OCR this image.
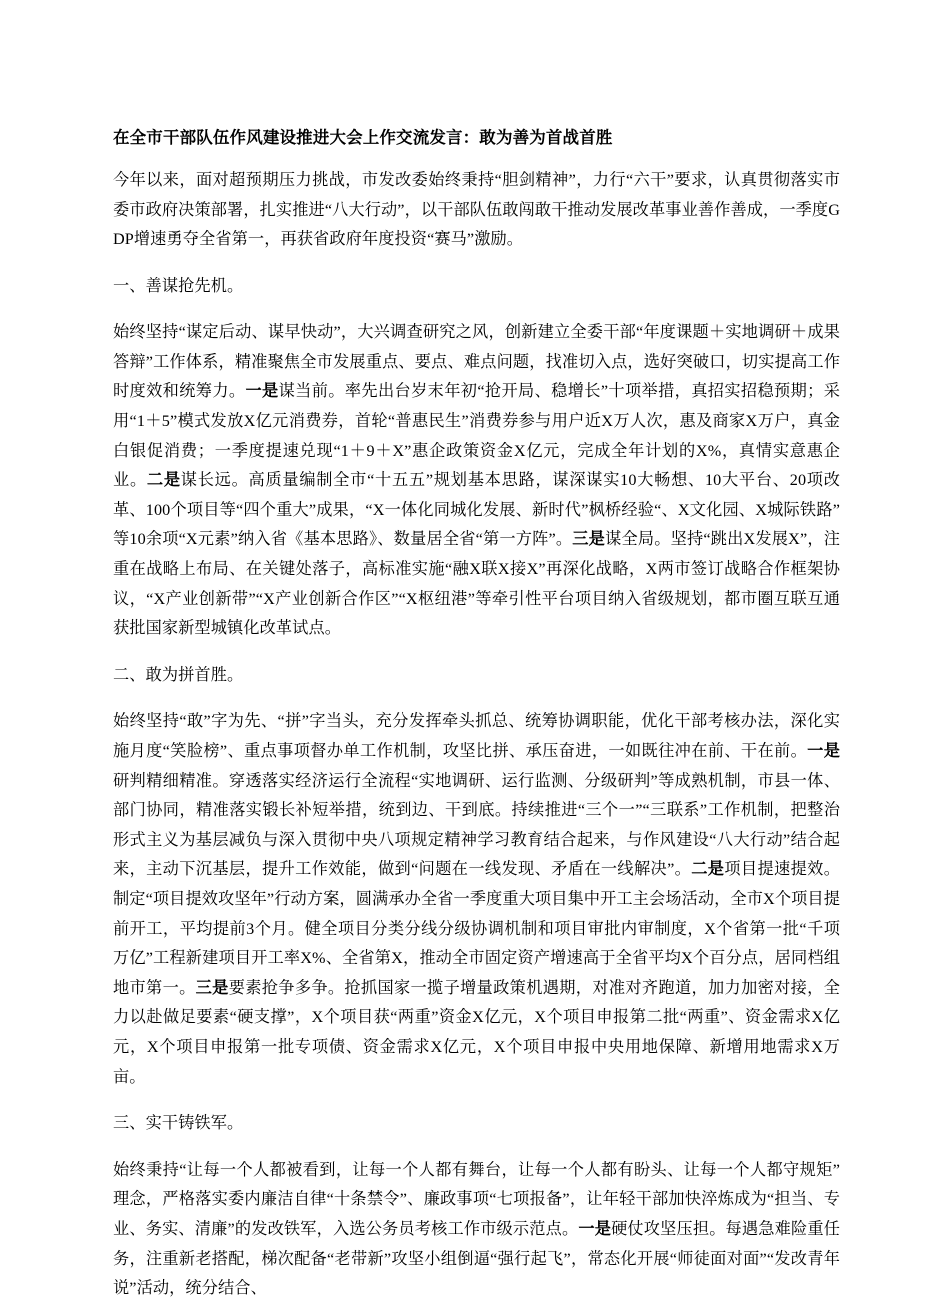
在全市干部队伍作风建设推进大会上作交流发言：敢为善为首战首胜

今年以来，面对超预期压力挑战，市发改委始终秉持“胆剑精神”，力行“六干”要求，认真贯彻落实市委市政府决策部署，扎实推进“八大行动”，以干部队伍敢闯敢干推动发展改革事业善作善成，一季度GDP增速勇夺全省第一，再获省政府年度投资“赛马”激励。

一、善谋抢先机。

始终坚持“谋定后动、谋早快动”，大兴调查研究之风，创新建立全委干部“年度课题＋实地调研＋成果答辩”工作体系，精准聚焦全市发展重点、要点、难点问题，找准切入点，选好突破口，切实提高工作时度效和统筹力。一是谋当前。率先出台岁末年初“抢开局、稳增长”十项举措，真招实招稳预期；采用“1＋5”模式发放X亿元消费券，首轮“普惠民生”消费券参与用户近X万人次，惠及商家X万户，真金白银促消费；一季度提速兑现“1＋9＋X”惠企政策资金X亿元，完成全年计划的X%，真情实意惠企业。二是谋长远。高质量编制全市“十五五”规划基本思路，谋深谋实10大畅想、10大平台、20项改革、100个项目等“四个重大”成果，“X一体化同城化发展、新时代”枫桥经验“、X文化园、X城际铁路”等10余项“X元素”纳入省《基本思路》、数量居全省“第一方阵”。三是谋全局。坚持“跳出X发展X”，注重在战略上布局、在关键处落子，高标准实施“融X联X接X”再深化战略，X两市签订战略合作框架协议，“X产业创新带”“X产业创新合作区”“X枢纽港”等牵引性平台项目纳入省级规划，都市圈互联互通获批国家新型城镇化改革试点。

二、敢为拼首胜。

始终坚持“敢”字为先、“拼”字当头，充分发挥牵头抓总、统筹协调职能，优化干部考核办法，深化实施月度“笑脸榜”、重点事项督办单工作机制，攻坚比拼、承压奋进，一如既往冲在前、干在前。一是研判精细精准。穿透落实经济运行全流程“实地调研、运行监测、分级研判”等成熟机制，市县一体、部门协同，精准落实锻长补短举措，统到边、干到底。持续推进“三个一”“三联系”工作机制，把整治形式主义为基层减负与深入贯彻中央八项规定精神学习教育结合起来，与作风建设“八大行动”结合起来，主动下沉基层，提升工作效能，做到“问题在一线发现、矛盾在一线解决”。二是项目提速提效。制定“项目提效攻坚年”行动方案，圆满承办全省一季度重大项目集中开工主会场活动，全市X个项目提前开工，平均提前3个月。健全项目分类分线分级协调机制和项目审批内审制度，X个省第一批“千项万亿”工程新建项目开工率X%、全省第X，推动全市固定资产增速高于全省平均X个百分点，居同档组地市第一。三是要素抢争多争。抢抓国家一揽子增量政策机遇期，对准对齐跑道，加力加密对接，全力以赴做足要素“硬支撑”，X个项目获“两重”资金X亿元，X个项目申报第二批“两重”、资金需求X亿元，X个项目申报第一批专项债、资金需求X亿元，X个项目申报中央用地保障、新增用地需求X万亩。

三、实干铸铁军。

始终秉持“让每一个人都被看到，让每一个人都有舞台，让每一个人都有盼头、让每一个人都守规矩”理念，严格落实委内廉洁自律“十条禁令”、廉政事项“七项报备”，让年轻干部加快淬炼成为“担当、专业、务实、清廉”的发改铁军，入选公务员考核工作市级示范点。一是硬仗攻坚压担。每遇急难险重任务，注重新老搭配，梯次配备“老带新”攻坚小组倒逼“强行起飞”，常态化开展“师徒面对面”“发改青年说”活动，统分结合、
